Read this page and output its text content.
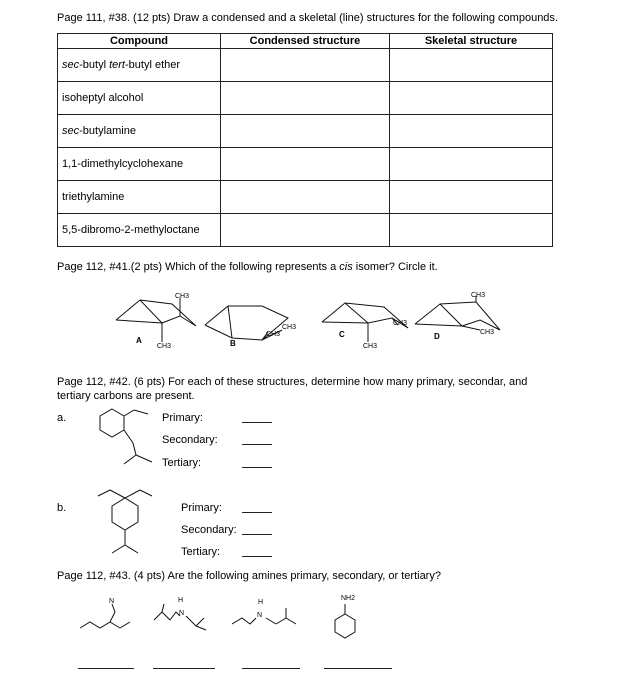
Page 111, #38. (12 pts) Draw a condensed and a skeletal (line) structures for the following compounds.
Compound	Condensed structure	Skeletal structure
sec-butyl tert-butyl ether		
isoheptyl alcohol		
sec-butylamine		
1,1-dimethylcyclohexane		
triethylamine		
5,5-dibromo-2-methyloctane		
Page 112, #41.(2 pts) Which of the following represents a cis isomer? Circle it.
CH3
CH3
A
CH3
CH3
B
CH3
CH3
C
CH3
CH3
D
Page 112, #42. (6 pts) For each of these structures, determine how many primary, secondar, and tertiary carbons are present.
a.	Primary:
Secondary:
Tertiary:
b.	Primary:
Secondary:
Tertiary:
Page 112, #43. (4 pts) Are the following amines primary, secondary, or tertiary?
N	H
N
H
N
NH2
